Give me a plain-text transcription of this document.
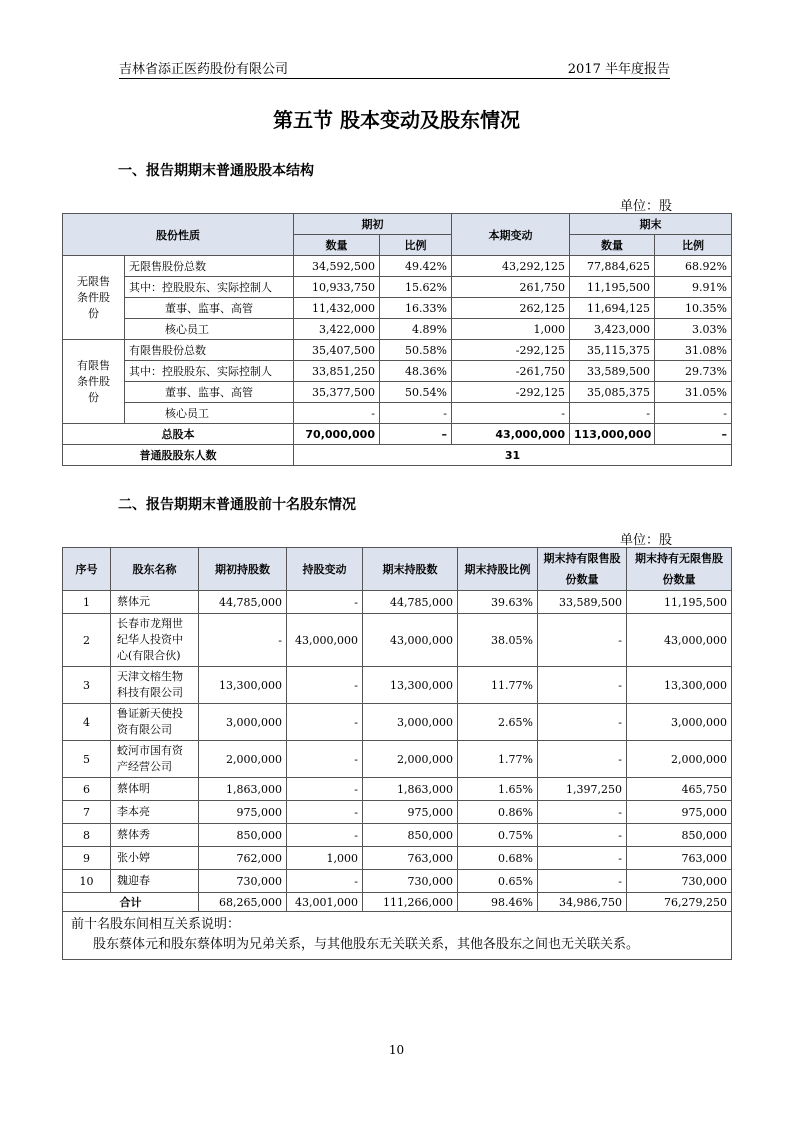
吉林省添正医药股份有限公司	2017 半年度报告
第五节 股本变动及股东情况
一、报告期期末普通股股本结构
单位：股
股份性质		期初		本期变动	期末	
		数量	比例		数量	比例
无限售条件股份	无限售股份总数	34,592,500	49.42%	43,292,125	77,884,625	68.92%
	其中：控股股东、实际控制人	10,933,750	15.62%	261,750	11,195,500	9.91%
	董事、监事、高管	11,432,000	16.33%	262,125	11,694,125	10.35%
	核心员工	3,422,000	4.89%	1,000	3,423,000	3.03%
有限售条件股份	有限售股份总数	35,407,500	50.58%	-292,125	35,115,375	31.08%
	其中：控股股东、实际控制人	33,851,250	48.36%	-261,750	33,589,500	29.73%
	董事、监事、高管	35,377,500	50.54%	-292,125	35,085,375	31.05%
	核心员工	-	-	-	-	-
总股本		70,000,000	–	43,000,000	113,000,000	–
普通股股东人数		31				
二、报告期期末普通股前十名股东情况
单位：股
序号	股东名称	期初持股数	持股变动	期末持股数	期末持股比例	期末持有限售股份数量	期末持有无限售股份数量
1	蔡体元	44,785,000	-	44,785,000	39.63%	33,589,500	11,195,500
2	长春市龙翔世纪华人投资中心(有限合伙)	-	43,000,000	43,000,000	38.05%	-	43,000,000
3	天津文榕生物科技有限公司	13,300,000	-	13,300,000	11.77%	-	13,300,000
4	鲁证新天使投资有限公司	3,000,000	-	3,000,000	2.65%	-	3,000,000
5	蛟河市国有资产经营公司	2,000,000	-	2,000,000	1.77%	-	2,000,000
6	蔡体明	1,863,000	-	1,863,000	1.65%	1,397,250	465,750
7	李本亮	975,000	-	975,000	0.86%	-	975,000
8	蔡体秀	850,000	-	850,000	0.75%	-	850,000
9	张小婷	762,000	1,000	763,000	0.68%	-	763,000
10	魏迎春	730,000	-	730,000	0.65%	-	730,000
合计		68,265,000	43,001,000	111,266,000	98.46%	34,986,750	76,279,250

前十名股东间相互关系说明：
股东蔡体元和股东蔡体明为兄弟关系，与其他股东无关联关系，其他各股东之间也无关联关系。							
10
